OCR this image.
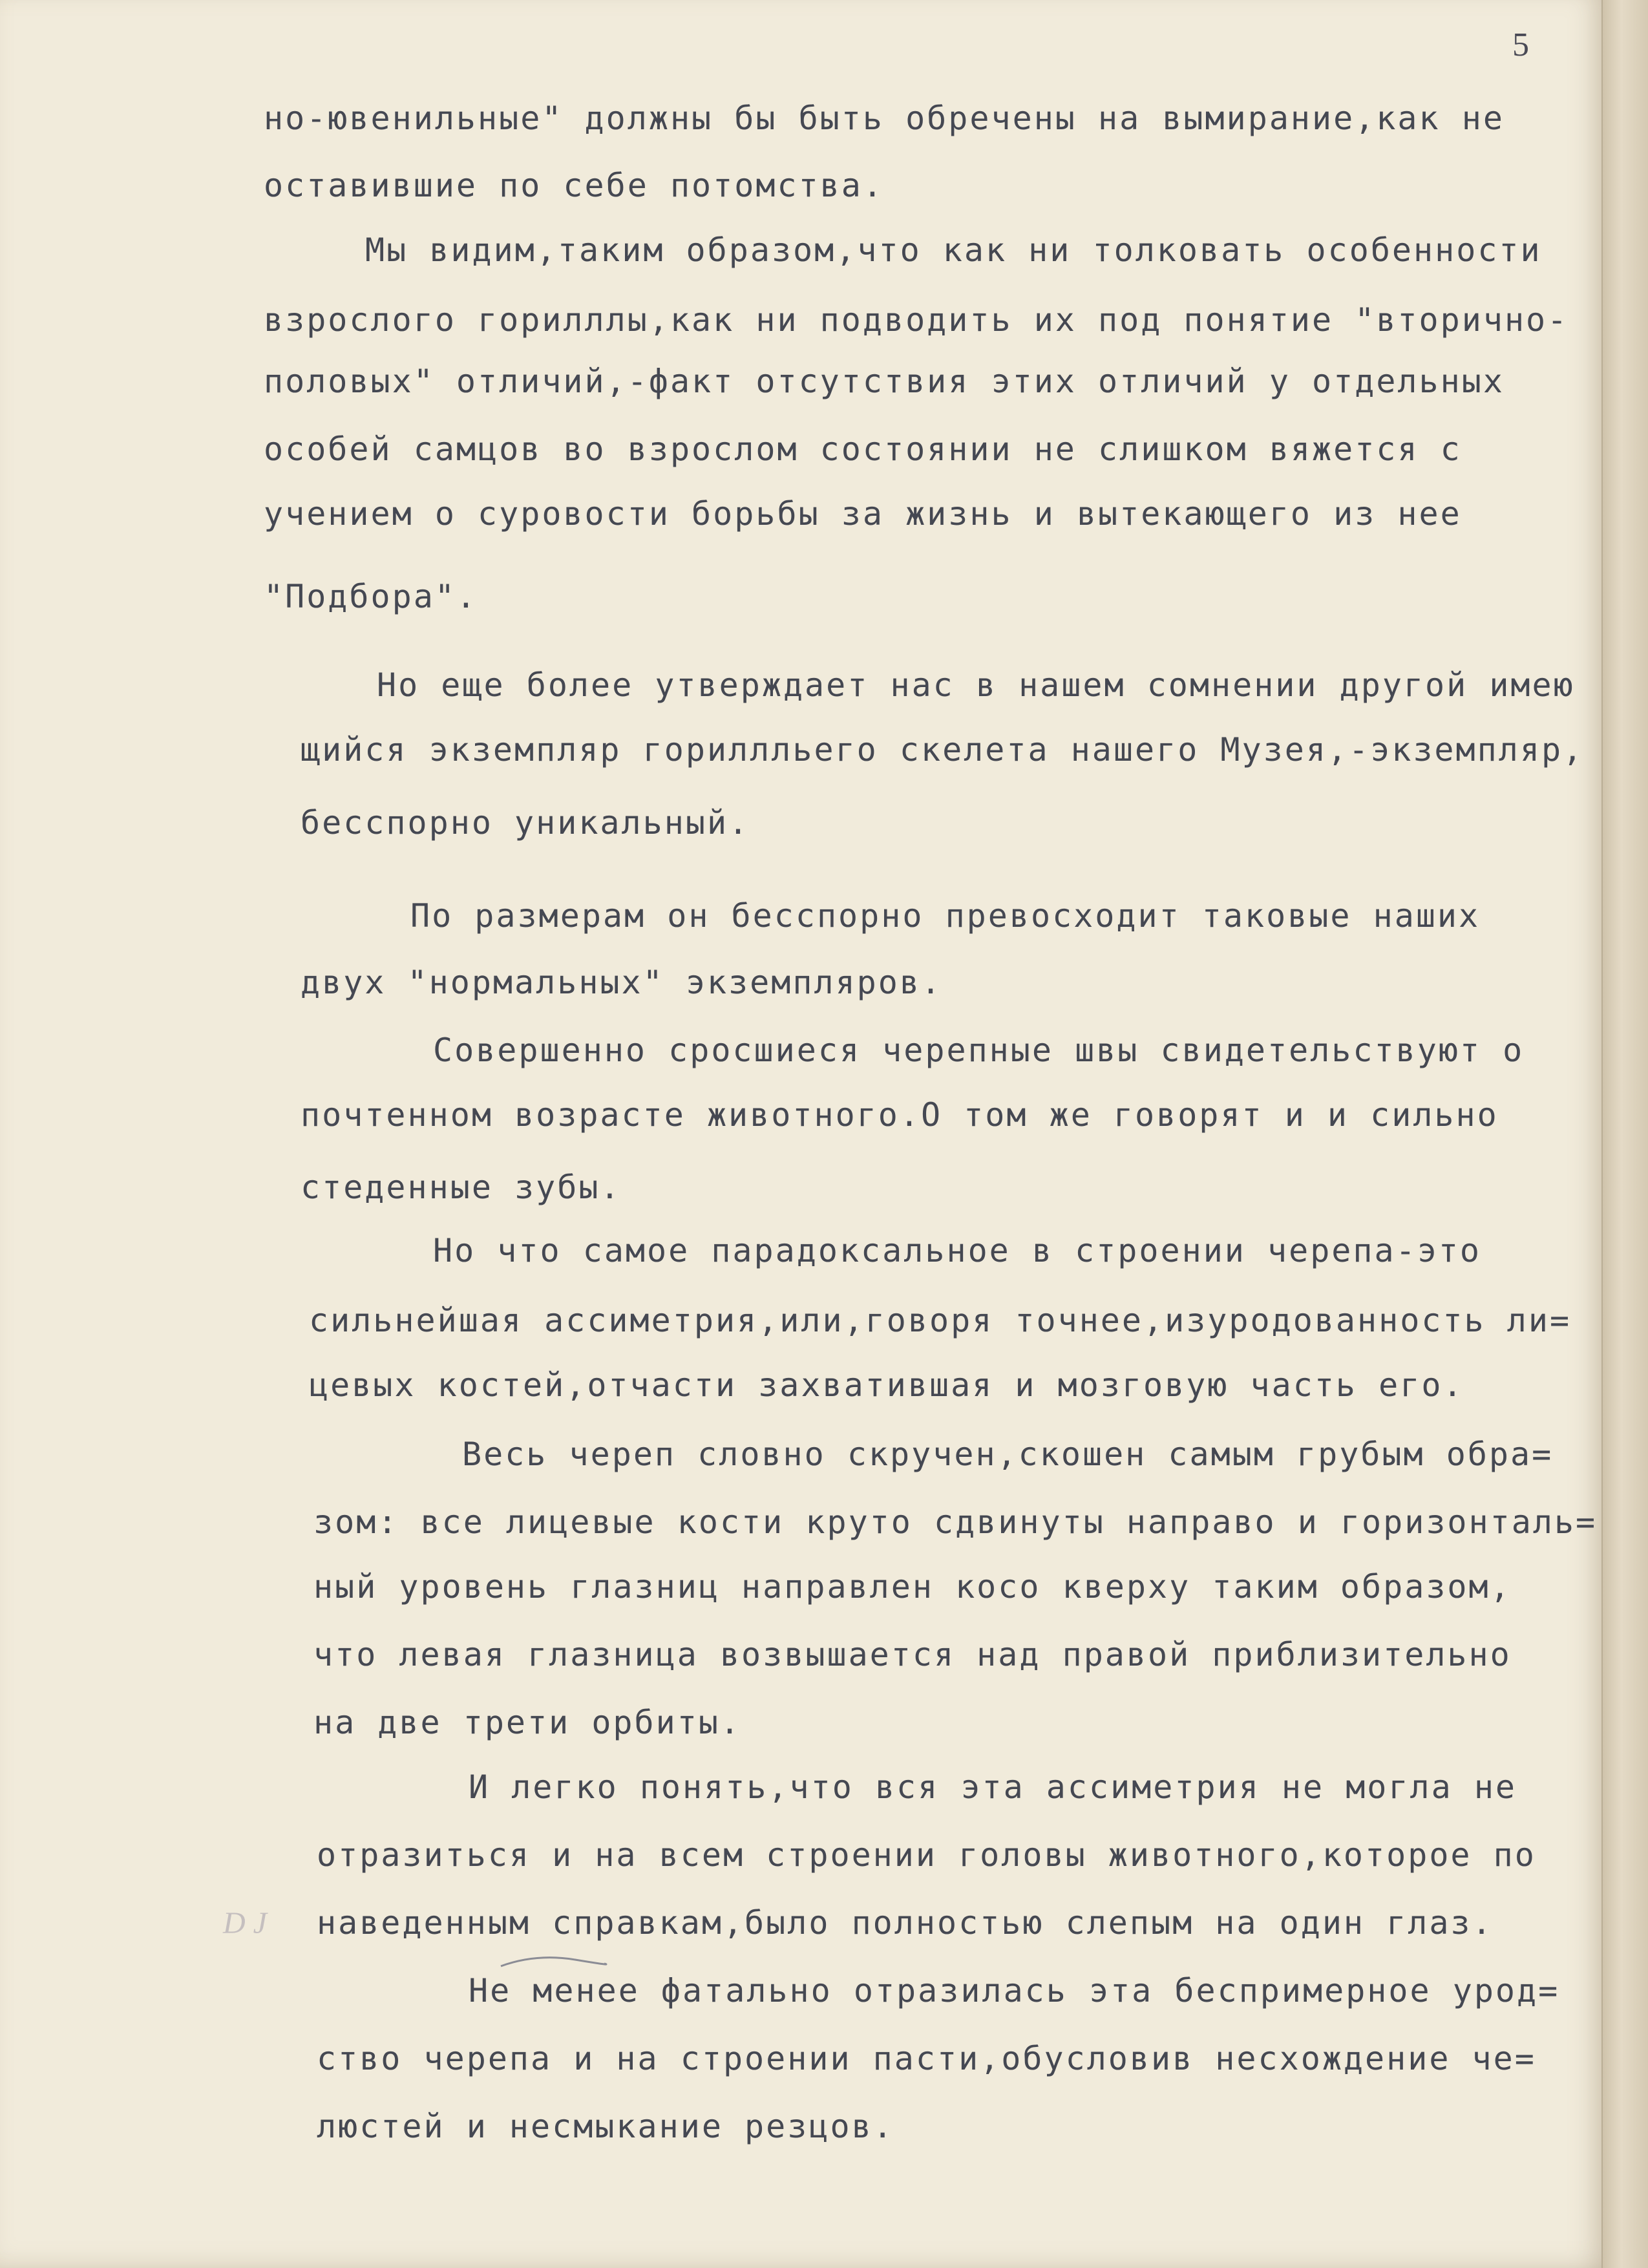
5
но-ювенильные" должны бы быть обречены на вымирание,как не
оставившие по себе потомства.
Мы видим,таким образом,что как ни толковать особенности
взрослого горилллы,как ни подводить их под понятие "вторично-
половых" отличий,-факт отсутствия этих отличий у отдельных
особей самцов во взрослом состоянии не слишком вяжется с
учением о суровости борьбы за жизнь и вытекающего из нее
"Подбора".
Но еще более утверждает нас в нашем сомнении другой имею
щийся экземпляр гориллльего скелета нашего Музея,-экземпляр,
бесспорно уникальный.
По размерам он бесспорно превосходит таковые наших
двух "нормальных" экземпляров.
Совершенно сросшиеся черепные швы свидетельствуют о
почтенном возрасте животного.О том же говорят и и сильно
стеденные зубы.
Но что самое парадоксальное в строении черепа-это
сильнейшая ассиметрия,или,говоря точнее,изуродованность ли=
цевых костей,отчасти захватившая и мозговую часть его.
Весь череп словно скручен,скошен самым грубым обра=
зом: все лицевые кости круто сдвинуты направо и горизонталь=
ный уровень глазниц направлен косо кверху таким образом,
что левая глазница возвышается над правой приблизительно
на две трети орбиты.
И легко понять,что вся эта ассиметрия не могла не
отразиться и на всем строении головы животного,которое по
наведенным справкам,было полностью слепым на один глаз.
Не менее фатально отразилась эта беспримерное урод=
ство черепа и на строении пасти,обусловив несхождение че=
люстей и несмыкание резцов.
D J
